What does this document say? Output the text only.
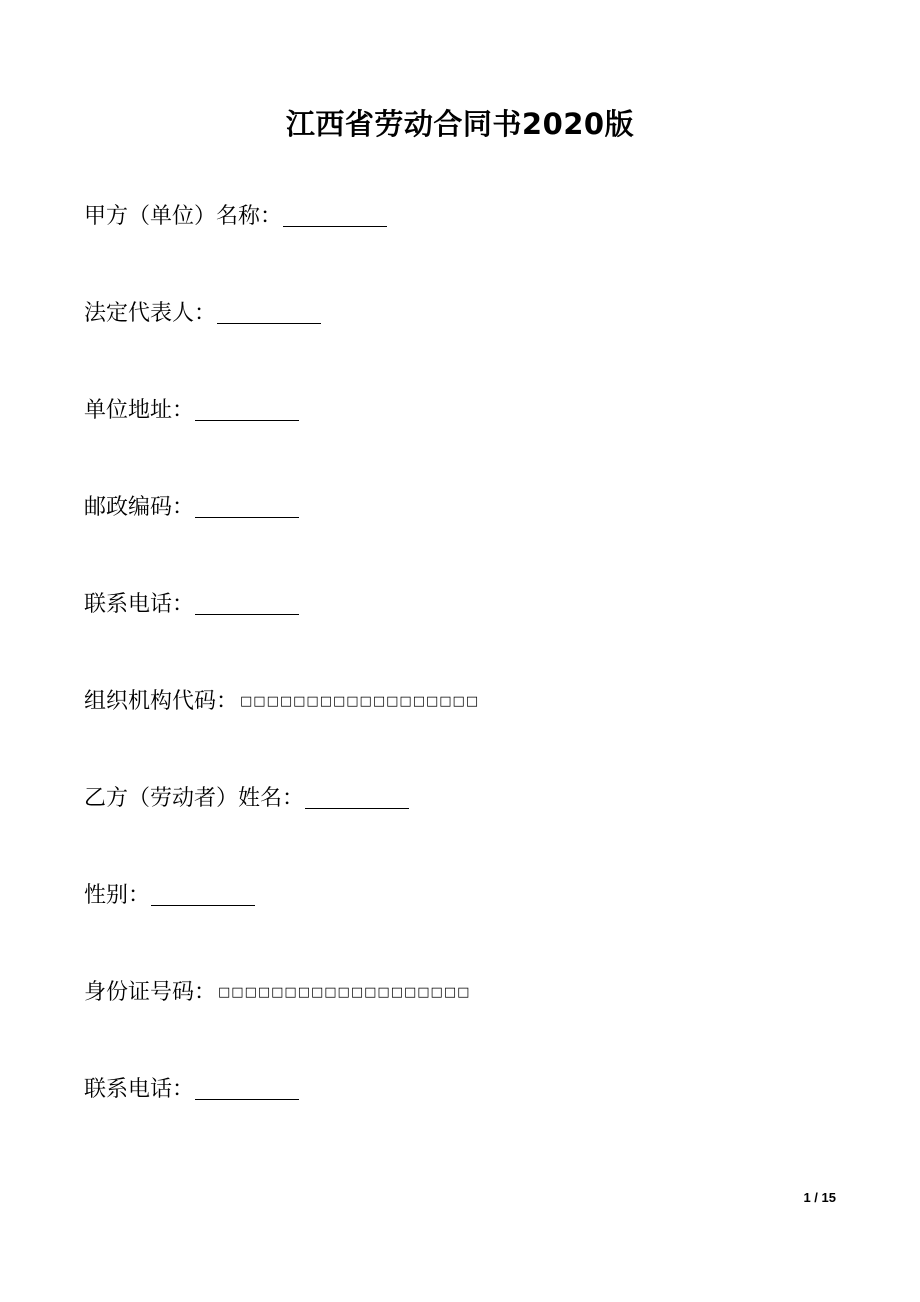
江西省劳动合同书2020版
甲方（单位）名称：
法定代表人：
单位地址：
邮政编码：
联系电话：
组织机构代码： □□□□□□□□□□□□□□□□□□
乙方（劳动者）姓名：
性别：
身份证号码： □□□□□□□□□□□□□□□□□□□
联系电话：
1 / 15
